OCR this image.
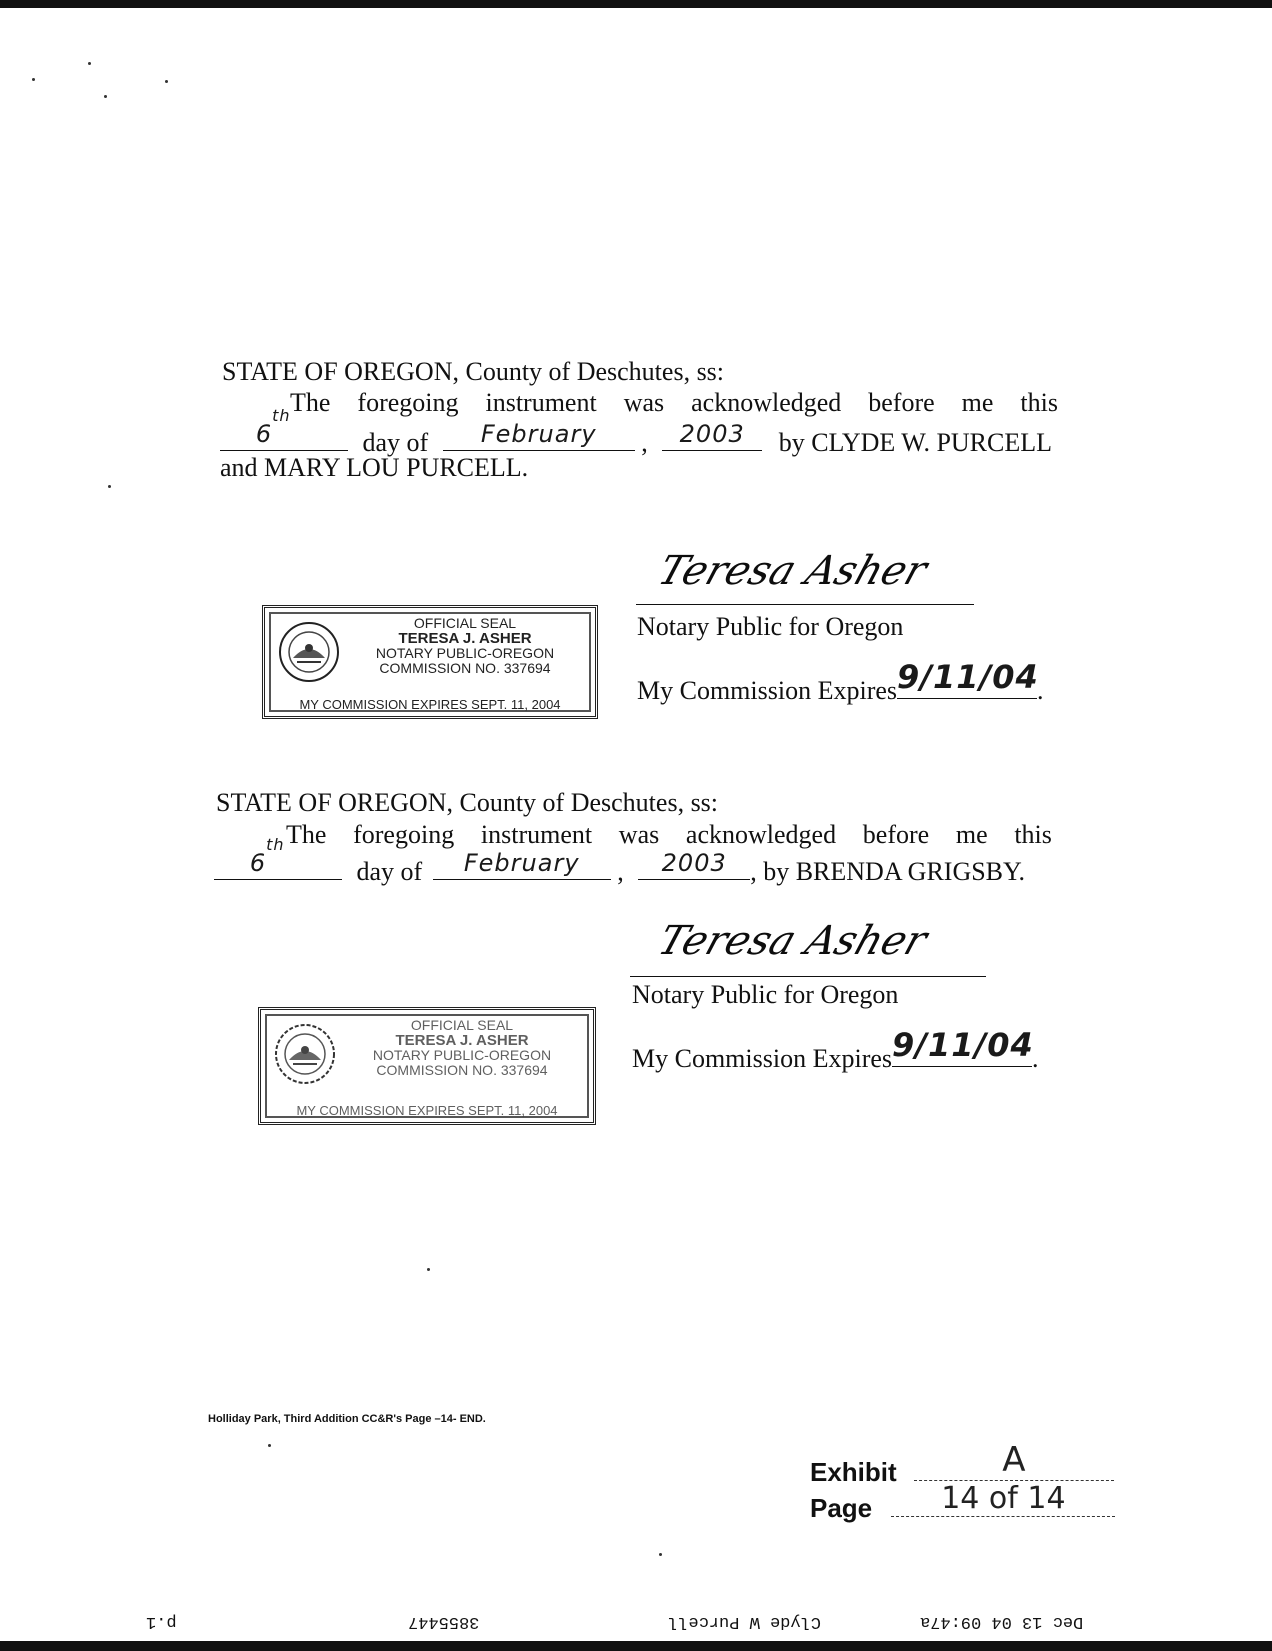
STATE OF OREGON, County of Deschutes, ss:
The foregoing instrument was acknowledged before me this
6
th
day of	February	,	2003	by CLYDE W. PURCELL
and MARY LOU PURCELL.
OFFICIAL SEAL
TERESA J. ASHER
NOTARY PUBLIC-OREGON
COMMISSION NO. 337694
MY COMMISSION EXPIRES SEPT. 11, 2004
Teresa Asher
Notary Public for Oregon
My Commission Expires 9/11/04
.
STATE OF OREGON, County of Deschutes, ss:
The foregoing instrument was acknowledged before me this
6
th
day of	February	,	2003 , by BRENDA GRIGSBY.
OFFICIAL SEAL
TERESA J. ASHER
NOTARY PUBLIC-OREGON
COMMISSION NO. 337694
MY COMMISSION EXPIRES SEPT. 11, 2004
Teresa Asher
Notary Public for Oregon
My Commission Expires 9/11/04
.
Holliday Park, Third Addition CC&R's Page –14- END.
Exhibit	A
Page	14 of 14
Dec 13 04 09:47a
Clyde W Purcell
3855447
p.1
